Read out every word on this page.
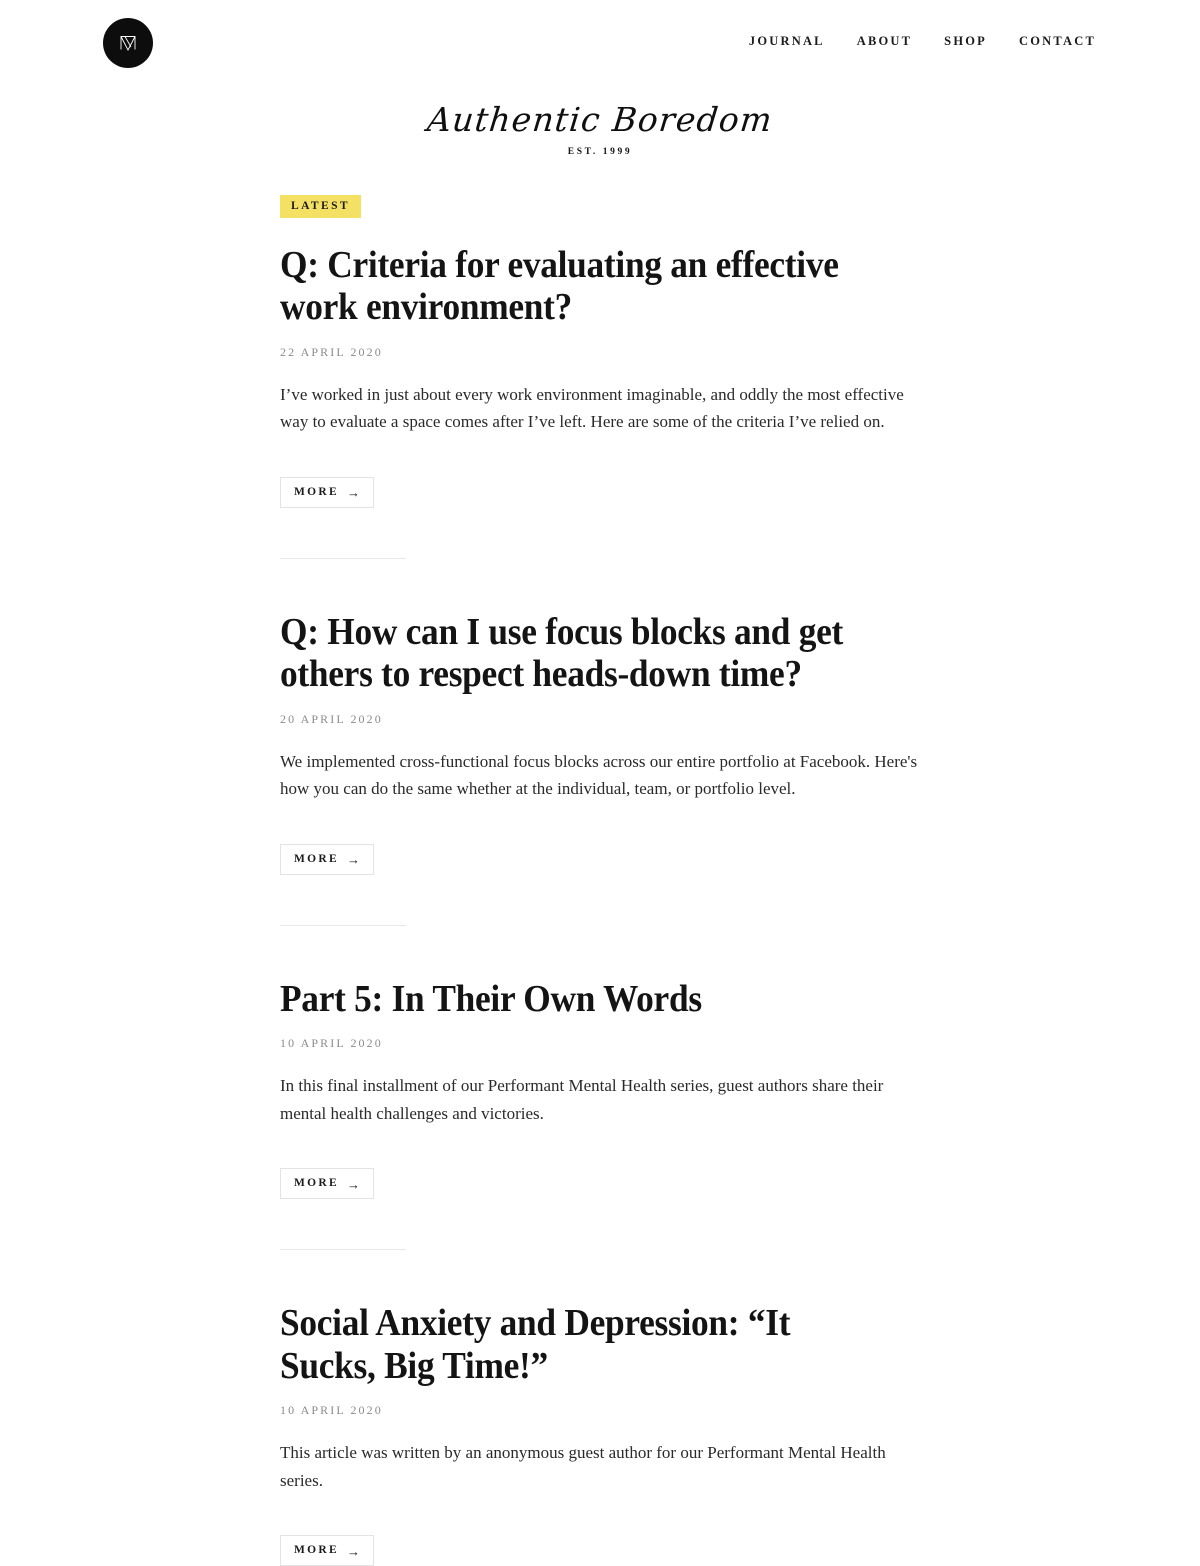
JOURNAL	ABOUT	SHOP	CONTACT
Authentic Boredom
EST. 1999
LATEST
Q: Criteria for evaluating an effective work environment?
22 APRIL 2020

I’ve worked in just about every work environment imaginable, and oddly the most effective way to evaluate a space comes after I’ve left. Here are some of the criteria I’ve relied on.

MORE →
Q: How can I use focus blocks and get others to respect heads-down time?
20 APRIL 2020

We implemented cross-functional focus blocks across our entire portfolio at Facebook. Here's how you can do the same whether at the individual, team, or portfolio level.

MORE →
Part 5: In Their Own Words
10 APRIL 2020

In this final installment of our Performant Mental Health series, guest authors share their mental health challenges and victories.

MORE →
Social Anxiety and Depression: “It Sucks, Big Time!”
10 APRIL 2020

This article was written by an anonymous guest author for our Performant Mental Health series.

MORE →
